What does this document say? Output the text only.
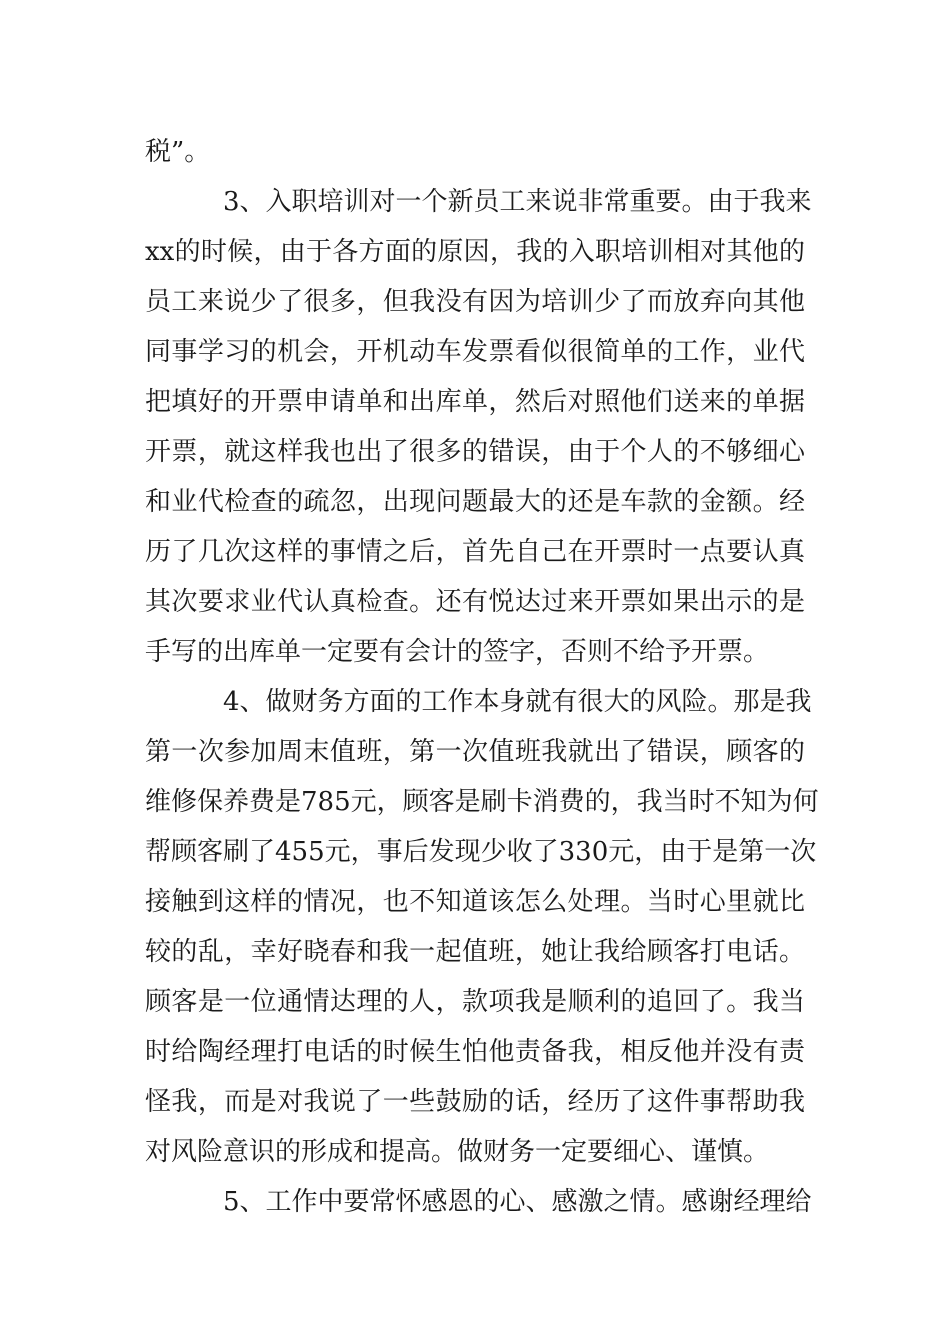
税”。
3、入职培训对一个新员工来说非常重要。由于我来
xx的时候，由于各方面的原因，我的入职培训相对其他的
员工来说少了很多，但我没有因为培训少了而放弃向其他
同事学习的机会，开机动车发票看似很简单的工作，业代
把填好的开票申请单和出库单，然后对照他们送来的单据
开票，就这样我也出了很多的错误，由于个人的不够细心
和业代检查的疏忽，出现问题最大的还是车款的金额。经
历了几次这样的事情之后，首先自己在开票时一点要认真
其次要求业代认真检查。还有悦达过来开票如果出示的是
手写的出库单一定要有会计的签字，否则不给予开票。
4、做财务方面的工作本身就有很大的风险。那是我
第一次参加周末值班，第一次值班我就出了错误，顾客的
维修保养费是785元，顾客是刷卡消费的，我当时不知为何
帮顾客刷了455元，事后发现少收了330元，由于是第一次
接触到这样的情况，也不知道该怎么处理。当时心里就比
较的乱，幸好晓春和我一起值班，她让我给顾客打电话。
顾客是一位通情达理的人，款项我是顺利的追回了。我当
时给陶经理打电话的时候生怕他责备我，相反他并没有责
怪我，而是对我说了一些鼓励的话，经历了这件事帮助我
对风险意识的形成和提高。做财务一定要细心、谨慎。
5、工作中要常怀感恩的心、感激之情。感谢经理给
